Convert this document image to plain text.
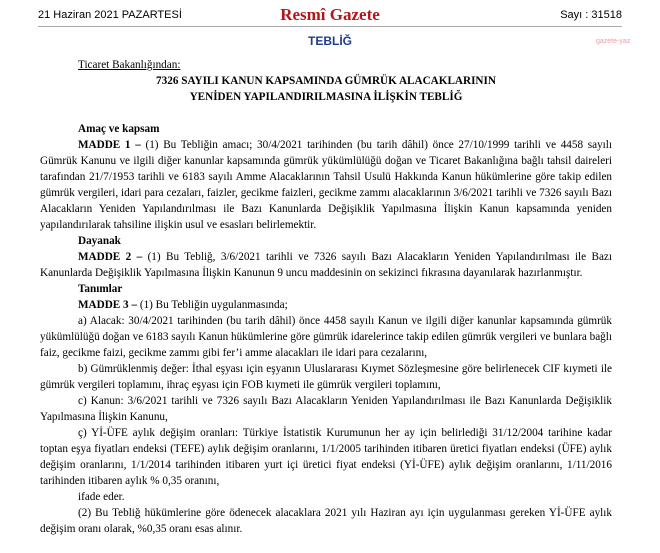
21 Haziran 2021 PAZARTESİ	Resmî Gazete	Sayı : 31518
TEBLİĞ	gazete-yaz

Ticaret Bakanlığından:

7326 SAYILI KANUN KAPSAMINDA GÜMRÜK ALACAKLARININ

YENİDEN YAPILANDIRILMASINA İLİŞKİN TEBLİĞ

Amaç ve kapsam

MADDE 1 – (1) Bu Tebliğin amacı; 30/4/2021 tarihinden (bu tarih dâhil) önce 27/10/1999 tarihli ve 4458 sayılı Gümrük Kanunu ve ilgili diğer kanunlar kapsamında gümrük yükümlülüğü doğan ve Ticaret Bakanlığına bağlı tahsil daireleri tarafından 21/7/1953 tarihli ve 6183 sayılı Amme Alacaklarının Tahsil Usulü Hakkında Kanun hükümlerine göre takip edilen gümrük vergileri, idari para cezaları, faizler, gecikme faizleri, gecikme zammı alacaklarının 3/6/2021 tarihli ve 7326 sayılı Bazı Alacakların Yeniden Yapılandırılması ile Bazı Kanunlarda Değişiklik Yapılmasına İlişkin Kanun kapsamında yeniden yapılandırılarak tahsiline ilişkin usul ve esasları belirlemektir.

Dayanak

MADDE 2 – (1) Bu Tebliğ, 3/6/2021 tarihli ve 7326 sayılı Bazı Alacakların Yeniden Yapılandırılması ile Bazı Kanunlarda Değişiklik Yapılmasına İlişkin Kanunun 9 uncu maddesinin on sekizinci fıkrasına dayanılarak hazırlanmıştır.

Tanımlar

MADDE 3 – (1) Bu Tebliğin uygulanmasında;

a) Alacak: 30/4/2021 tarihinden (bu tarih dâhil) önce 4458 sayılı Kanun ve ilgili diğer kanunlar kapsamında gümrük yükümlülüğü doğan ve 6183 sayılı Kanun hükümlerine göre gümrük idarelerince takip edilen gümrük vergileri ve bunlara bağlı faiz, gecikme faizi, gecikme zammı gibi fer’i amme alacakları ile idari para cezalarını,

b) Gümrüklenmiş değer: İthal eşyası için eşyanın Uluslararası Kıymet Sözleşmesine göre belirlenecek CIF kıymeti ile gümrük vergileri toplamını, ihraç eşyası için FOB kıymeti ile gümrük vergileri toplamını,

c) Kanun: 3/6/2021 tarihli ve 7326 sayılı Bazı Alacakların Yeniden Yapılandırılması ile Bazı Kanunlarda Değişiklik Yapılmasına İlişkin Kanunu,

ç) Yİ-ÜFE aylık değişim oranları: Türkiye İstatistik Kurumunun her ay için belirlediği 31/12/2004 tarihine kadar toptan eşya fiyatları endeksi (TEFE) aylık değişim oranlarını, 1/1/2005 tarihinden itibaren üretici fiyatları endeksi (ÜFE) aylık değişim oranlarını, 1/1/2014 tarihinden itibaren yurt içi üretici fiyat endeksi (Yİ-ÜFE) aylık değişim oranlarını, 1/11/2016 tarihinden itibaren aylık % 0,35 oranını,

ifade eder.

(2) Bu Tebliğ hükümlerine göre ödenecek alacaklara 2021 yılı Haziran ayı için uygulanması gereken Yİ-ÜFE aylık değişim oranı olarak, %0,35 oranı esas alınır.
